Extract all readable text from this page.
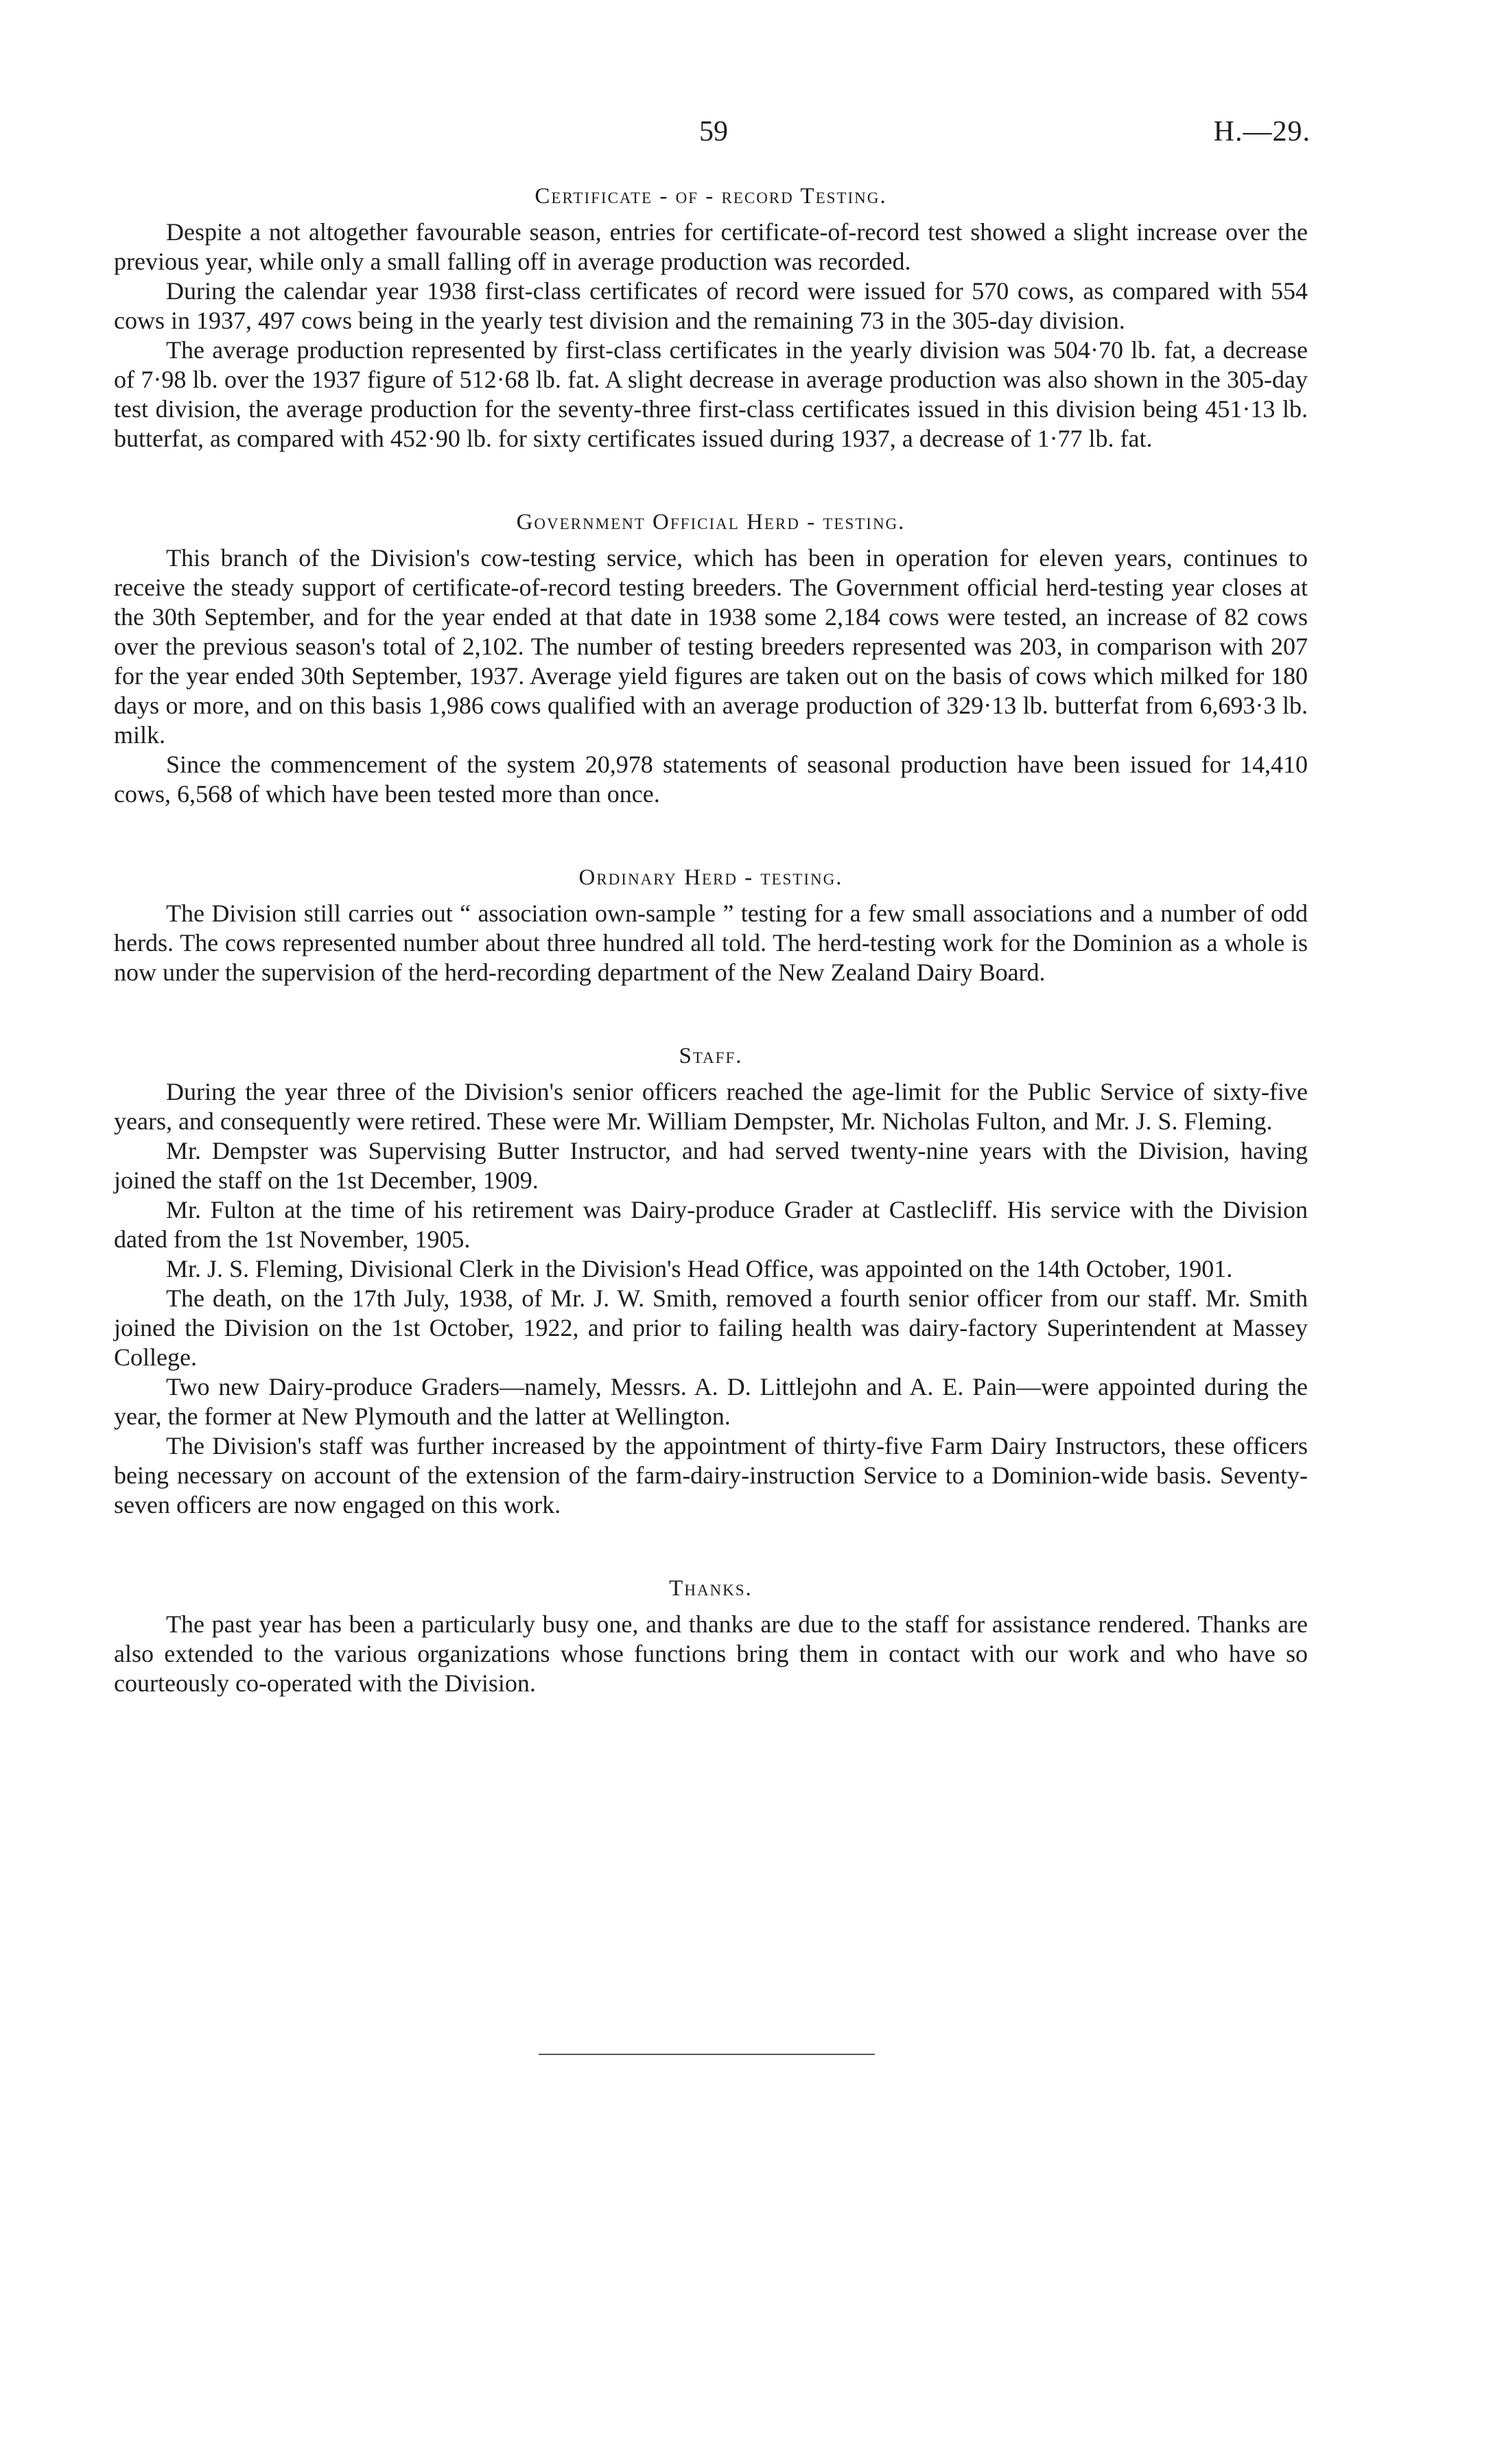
59	H.—29.
Certificate - of - record Testing.

Despite a not altogether favourable season, entries for certificate-of-record test showed a slight increase over the previous year, while only a small falling off in average production was recorded.

During the calendar year 1938 first-class certificates of record were issued for 570 cows, as compared with 554 cows in 1937, 497 cows being in the yearly test division and the remaining 73 in the 305-day division.

The average production represented by first-class certificates in the yearly division was 504·70 lb. fat, a decrease of 7·98 lb. over the 1937 figure of 512·68 lb. fat. A slight decrease in average production was also shown in the 305-day test division, the average production for the seventy-three first-class certificates issued in this division being 451·13 lb. butterfat, as compared with 452·90 lb. for sixty certificates issued during 1937, a decrease of 1·77 lb. fat.

Government Official Herd - testing.

This branch of the Division's cow-testing service, which has been in operation for eleven years, continues to receive the steady support of certificate-of-record testing breeders. The Government official herd-testing year closes at the 30th September, and for the year ended at that date in 1938 some 2,184 cows were tested, an increase of 82 cows over the previous season's total of 2,102. The number of testing breeders represented was 203, in comparison with 207 for the year ended 30th September, 1937. Average yield figures are taken out on the basis of cows which milked for 180 days or more, and on this basis 1,986 cows qualified with an average production of 329·13 lb. butterfat from 6,693·3 lb. milk.

Since the commencement of the system 20,978 statements of seasonal production have been issued for 14,410 cows, 6,568 of which have been tested more than once.

Ordinary Herd - testing.

The Division still carries out “ association own-sample ” testing for a few small associations and a number of odd herds. The cows represented number about three hundred all told. The herd-testing work for the Dominion as a whole is now under the supervision of the herd-recording department of the New Zealand Dairy Board.

Staff.

During the year three of the Division's senior officers reached the age-limit for the Public Service of sixty-five years, and consequently were retired. These were Mr. William Dempster, Mr. Nicholas Fulton, and Mr. J. S. Fleming.

Mr. Dempster was Supervising Butter Instructor, and had served twenty-nine years with the Division, having joined the staff on the 1st December, 1909.

Mr. Fulton at the time of his retirement was Dairy-produce Grader at Castlecliff. His service with the Division dated from the 1st November, 1905.

Mr. J. S. Fleming, Divisional Clerk in the Division's Head Office, was appointed on the 14th October, 1901.

The death, on the 17th July, 1938, of Mr. J. W. Smith, removed a fourth senior officer from our staff. Mr. Smith joined the Division on the 1st October, 1922, and prior to failing health was dairy-factory Superintendent at Massey College.

Two new Dairy-produce Graders—namely, Messrs. A. D. Littlejohn and A. E. Pain—were appointed during the year, the former at New Plymouth and the latter at Wellington.

The Division's staff was further increased by the appointment of thirty-five Farm Dairy Instructors, these officers being necessary on account of the extension of the farm-dairy-instruction Service to a Dominion-wide basis. Seventy-seven officers are now engaged on this work.

Thanks.

The past year has been a particularly busy one, and thanks are due to the staff for assistance rendered. Thanks are also extended to the various organizations whose functions bring them in contact with our work and who have so courteously co-operated with the Division.
